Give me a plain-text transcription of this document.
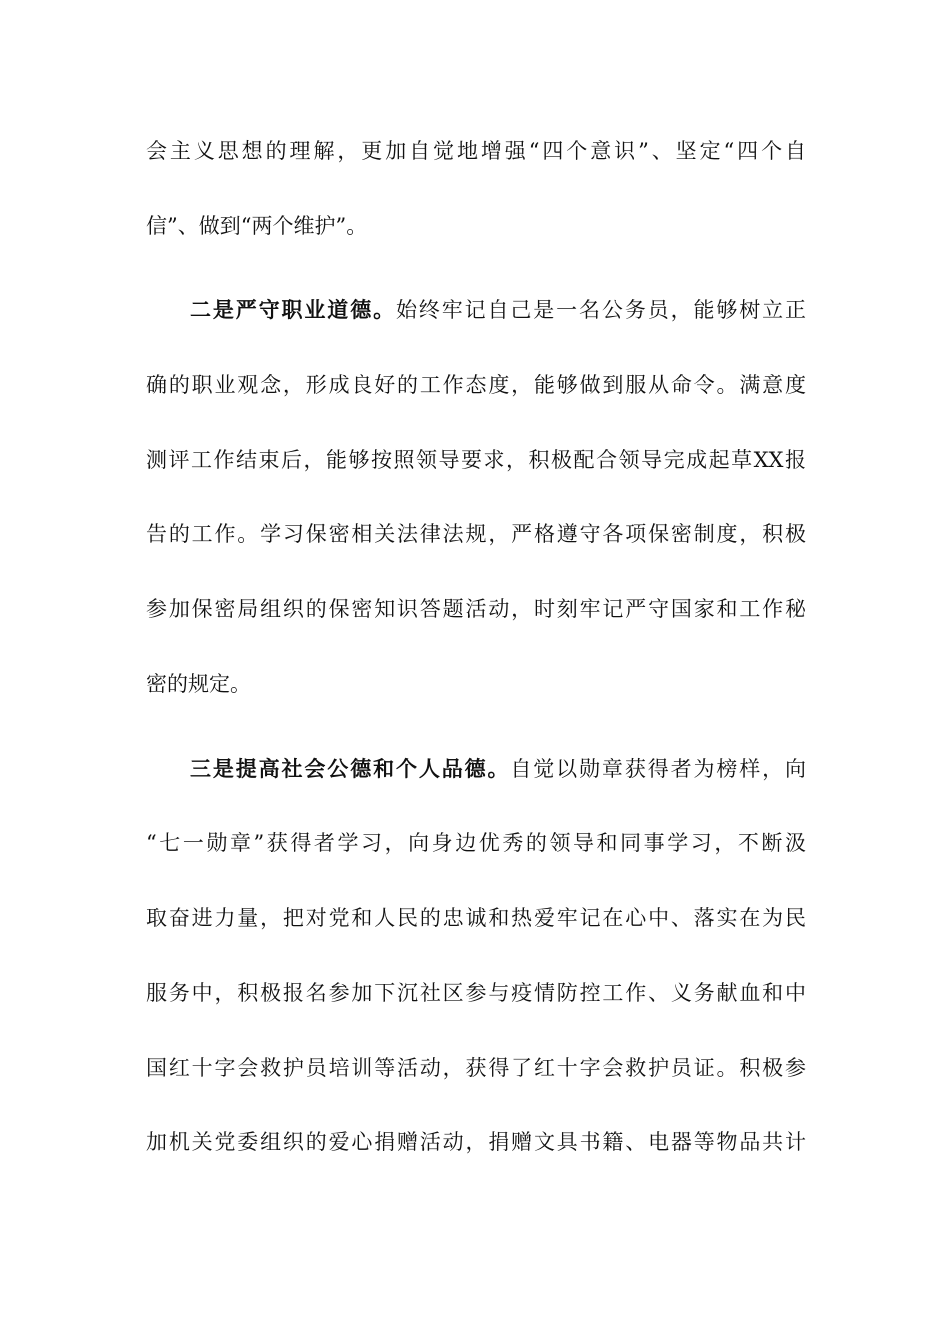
会主义思想的理解，更加自觉地增强“四个意识”、坚定“四个自
信”、做到“两个维护”。
二是严守职业道德。始终牢记自己是一名公务员，能够树立正
确的职业观念，形成良好的工作态度，能够做到服从命令。满意度
测评工作结束后，能够按照领导要求，积极配合领导完成起草XX报
告的工作。学习保密相关法律法规，严格遵守各项保密制度，积极
参加保密局组织的保密知识答题活动，时刻牢记严守国家和工作秘
密的规定。
三是提高社会公德和个人品德。自觉以勋章获得者为榜样，向
“七一勋章”获得者学习，向身边优秀的领导和同事学习，不断汲
取奋进力量，把对党和人民的忠诚和热爱牢记在心中、落实在为民
服务中，积极报名参加下沉社区参与疫情防控工作、义务献血和中
国红十字会救护员培训等活动，获得了红十字会救护员证。积极参
加机关党委组织的爱心捐赠活动，捐赠文具书籍、电器等物品共计
